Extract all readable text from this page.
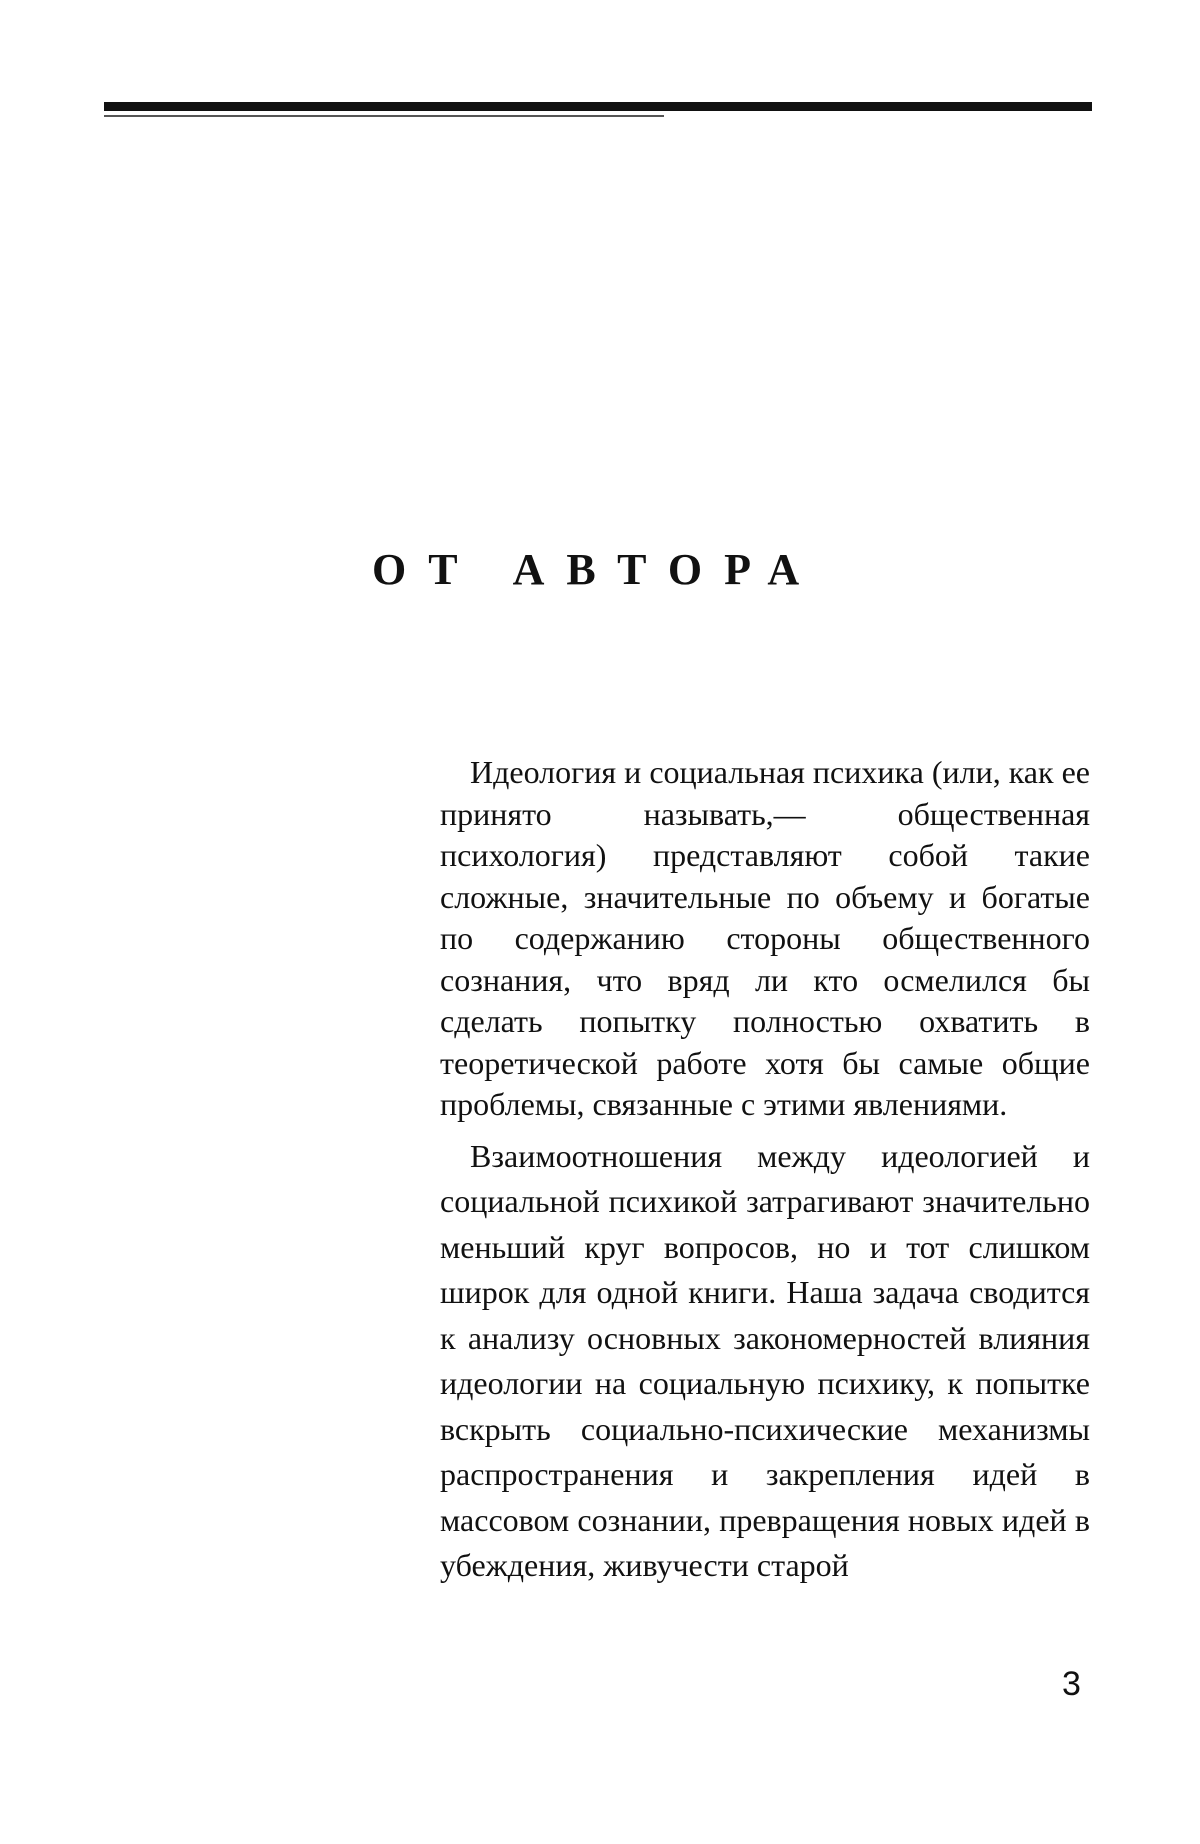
ОТ АВТОРА

Идеология и социальная психика (или, как ее принято называть,— общественная психология) представляют собой такие сложные, значительные по объему и богатые по содержанию стороны общественного сознания, что вряд ли кто осмелился бы сделать попытку полностью охватить в теоретической работе хотя бы самые общие проблемы, связанные с этими явлениями.

Взаимоотношения между идеологией и социальной психикой затрагивают значительно меньший круг вопросов, но и тот слишком широк для одной книги. Наша задача сводится к анализу основных закономерностей влияния идеологии на социальную психику, к попытке вскрыть социально-психические механизмы распространения и закрепления идей в массовом сознании, превращения новых идей в убеждения, живучести старой

3
